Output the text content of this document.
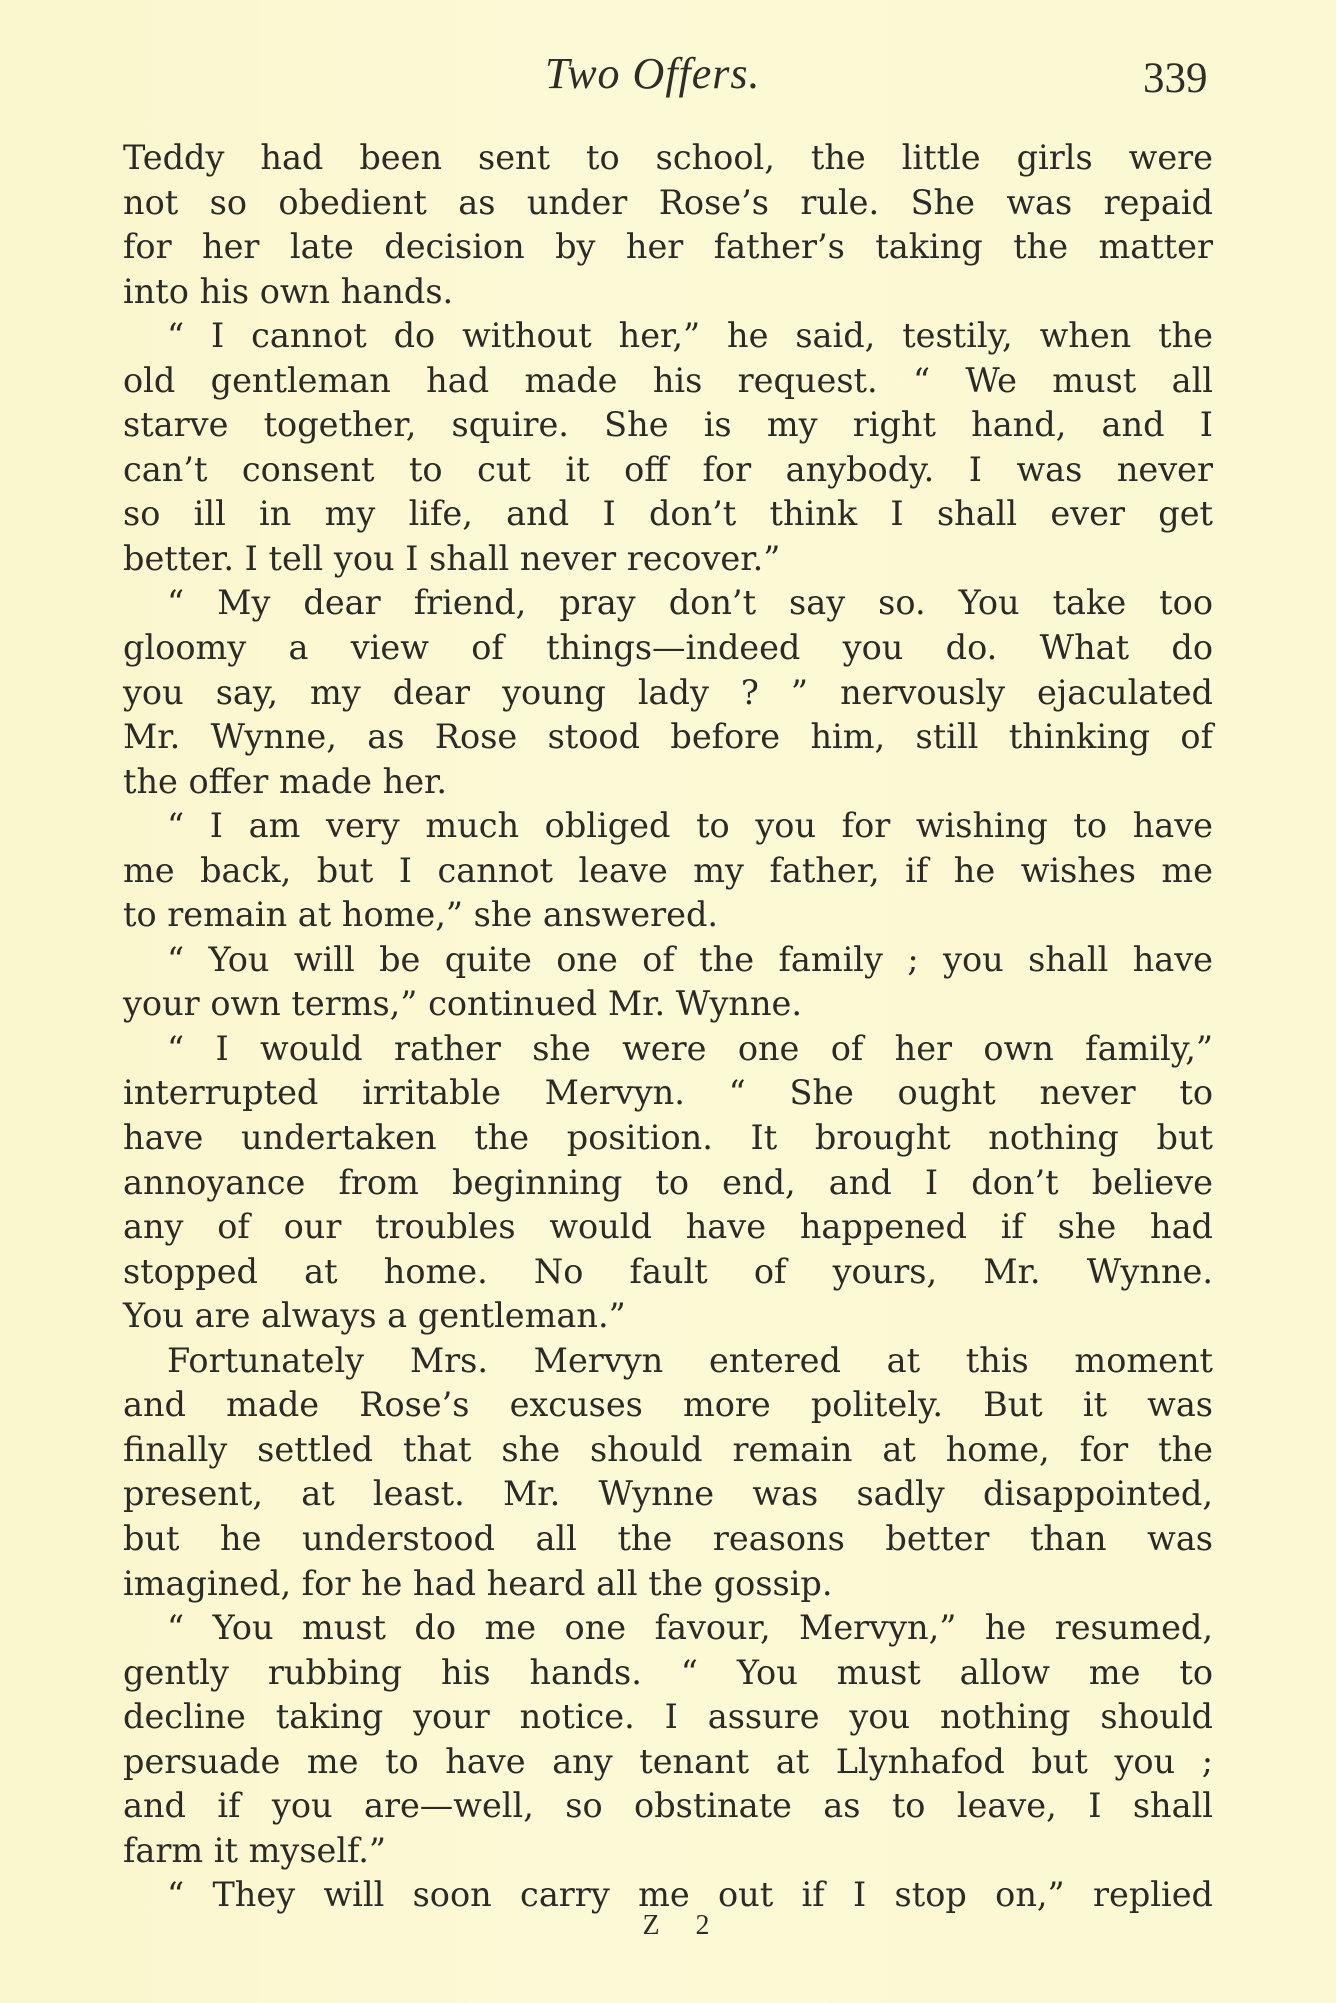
Two Offers.	339
Teddy had been sent to school, the little girls were
not so obedient as under Rose’s rule. She was repaid
for her late decision by her father’s taking the matter
into his own hands.
“ I cannot do without her,” he said, testily, when the
old gentleman had made his request. “ We must all
starve together, squire. She is my right hand, and I
can’t consent to cut it off for anybody. I was never
so ill in my life, and I don’t think I shall ever get
better. I tell you I shall never recover.”
“ My dear friend, pray don’t say so. You take too
gloomy a view of things—indeed you do. What do
you say, my dear young lady ? ” nervously ejaculated
Mr. Wynne, as Rose stood before him, still thinking of
the offer made her.
“ I am very much obliged to you for wishing to have
me back, but I cannot leave my father, if he wishes me
to remain at home,” she answered.
“ You will be quite one of the family ; you shall have
your own terms,” continued Mr. Wynne.
“ I would rather she were one of her own family,”
interrupted irritable Mervyn. “ She ought never to
have undertaken the position. It brought nothing but
annoyance from beginning to end, and I don’t believe
any of our troubles would have happened if she had
stopped at home. No fault of yours, Mr. Wynne.
You are always a gentleman.”
Fortunately Mrs. Mervyn entered at this moment
and made Rose’s excuses more politely. But it was
finally settled that she should remain at home, for the
present, at least. Mr. Wynne was sadly disappointed,
but he understood all the reasons better than was
imagined, for he had heard all the gossip.
“ You must do me one favour, Mervyn,” he resumed,
gently rubbing his hands. “ You must allow me to
decline taking your notice. I assure you nothing should
persuade me to have any tenant at Llynhafod but you ;
and if you are—well, so obstinate as to leave, I shall
farm it myself.”
“ They will soon carry me out if I stop on,” replied
Z 2
